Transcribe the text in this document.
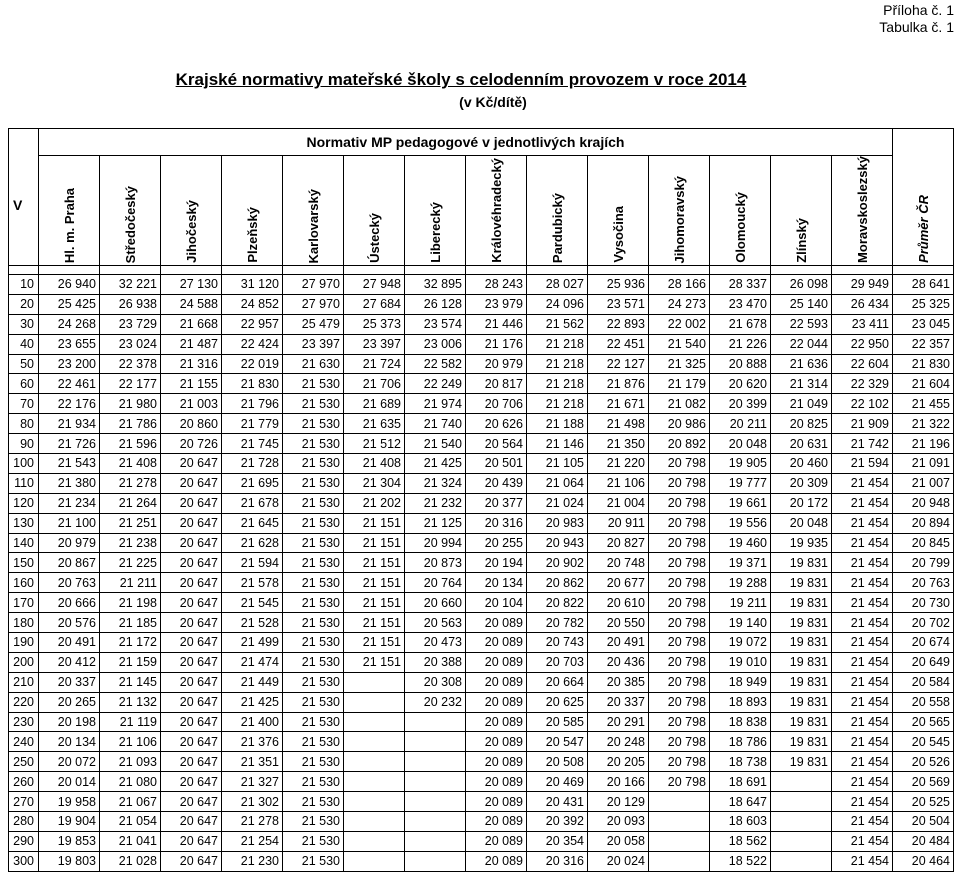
Příloha č. 1
Tabulka č. 1
Krajské normativy mateřské školy s celodenním provozem v roce 2014
(v Kč/dítě)
V	Normativ MP pedagogové v jednotlivých krajích														

	Hl. m. Praha	Středočeský	Jihočeský	Plzeňský	Karlovarský	Ústecký	Liberecký	Královéhradecký	Pardubický	Vysočina	Jihomoravský	Olomoucký	Zlínský	Moravskoslezský	Průměr ČR

10	26 940	32 221	27 130	31 120	27 970	27 948	32 895	28 243	28 027	25 936	28 166	28 337	26 098	29 949	28 641
20	25 425	26 938	24 588	24 852	27 970	27 684	26 128	23 979	24 096	23 571	24 273	23 470	25 140	26 434	25 325
30	24 268	23 729	21 668	22 957	25 479	25 373	23 574	21 446	21 562	22 893	22 002	21 678	22 593	23 411	23 045
40	23 655	23 024	21 487	22 424	23 397	23 397	23 006	21 176	21 218	22 451	21 540	21 226	22 044	22 950	22 357
50	23 200	22 378	21 316	22 019	21 630	21 724	22 582	20 979	21 218	22 127	21 325	20 888	21 636	22 604	21 830
60	22 461	22 177	21 155	21 830	21 530	21 706	22 249	20 817	21 218	21 876	21 179	20 620	21 314	22 329	21 604
70	22 176	21 980	21 003	21 796	21 530	21 689	21 974	20 706	21 218	21 671	21 082	20 399	21 049	22 102	21 455
80	21 934	21 786	20 860	21 779	21 530	21 635	21 740	20 626	21 188	21 498	20 986	20 211	20 825	21 909	21 322
90	21 726	21 596	20 726	21 745	21 530	21 512	21 540	20 564	21 146	21 350	20 892	20 048	20 631	21 742	21 196
100	21 543	21 408	20 647	21 728	21 530	21 408	21 425	20 501	21 105	21 220	20 798	19 905	20 460	21 594	21 091
110	21 380	21 278	20 647	21 695	21 530	21 304	21 324	20 439	21 064	21 106	20 798	19 777	20 309	21 454	21 007
120	21 234	21 264	20 647	21 678	21 530	21 202	21 232	20 377	21 024	21 004	20 798	19 661	20 172	21 454	20 948
130	21 100	21 251	20 647	21 645	21 530	21 151	21 125	20 316	20 983	20 911	20 798	19 556	20 048	21 454	20 894
140	20 979	21 238	20 647	21 628	21 530	21 151	20 994	20 255	20 943	20 827	20 798	19 460	19 935	21 454	20 845
150	20 867	21 225	20 647	21 594	21 530	21 151	20 873	20 194	20 902	20 748	20 798	19 371	19 831	21 454	20 799
160	20 763	21 211	20 647	21 578	21 530	21 151	20 764	20 134	20 862	20 677	20 798	19 288	19 831	21 454	20 763
170	20 666	21 198	20 647	21 545	21 530	21 151	20 660	20 104	20 822	20 610	20 798	19 211	19 831	21 454	20 730
180	20 576	21 185	20 647	21 528	21 530	21 151	20 563	20 089	20 782	20 550	20 798	19 140	19 831	21 454	20 702
190	20 491	21 172	20 647	21 499	21 530	21 151	20 473	20 089	20 743	20 491	20 798	19 072	19 831	21 454	20 674
200	20 412	21 159	20 647	21 474	21 530	21 151	20 388	20 089	20 703	20 436	20 798	19 010	19 831	21 454	20 649
210	20 337	21 145	20 647	21 449	21 530		20 308	20 089	20 664	20 385	20 798	18 949	19 831	21 454	20 584
220	20 265	21 132	20 647	21 425	21 530		20 232	20 089	20 625	20 337	20 798	18 893	19 831	21 454	20 558
230	20 198	21 119	20 647	21 400	21 530			20 089	20 585	20 291	20 798	18 838	19 831	21 454	20 565
240	20 134	21 106	20 647	21 376	21 530			20 089	20 547	20 248	20 798	18 786	19 831	21 454	20 545
250	20 072	21 093	20 647	21 351	21 530			20 089	20 508	20 205	20 798	18 738	19 831	21 454	20 526
260	20 014	21 080	20 647	21 327	21 530			20 089	20 469	20 166	20 798	18 691		21 454	20 569
270	19 958	21 067	20 647	21 302	21 530			20 089	20 431	20 129		18 647		21 454	20 525
280	19 904	21 054	20 647	21 278	21 530			20 089	20 392	20 093		18 603		21 454	20 504
290	19 853	21 041	20 647	21 254	21 530			20 089	20 354	20 058		18 562		21 454	20 484
300	19 803	21 028	20 647	21 230	21 530			20 089	20 316	20 024		18 522		21 454	20 464
